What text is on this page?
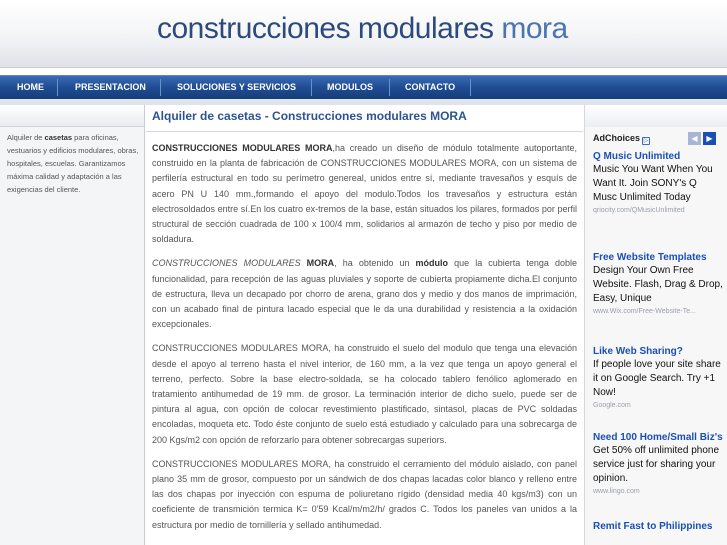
construcciones modulares mora
HOME	PRESENTACION	SOLUCIONES Y SERVICIOS	MODULOS	CONTACTO
Alquiler de casetas para oficinas, vestuarios y edificios modulares, obras, hospitales, escuelas. Garantizamos máxima calidad y adaptación a las exigencias del cliente.
Alquiler de casetas - Construcciones modulares MORA

CONSTRUCCIONES MODULARES MORA,ha creado un diseño de módulo totalmente autoportante, construido en la planta de fabricación de CONSTRUCCIONES MODULARES MORA, con un sistema de perfilería estructural en todo su perímetro genereal, unidos entre sí, mediante travesaños y esquís de acero PN U 140 mm.,formando el apoyo del modulo.Todos los travesaños y estructura están electrosoldados entre sí.En los cuatro ex-tremos de la base, están situados los pilares, formados por perfil structural de sección cuadrada de 100 x 100/4 mm, solidarios al armazón de techo y piso por medio de soldadura.

CONSTRUCCIONES MODULARES MORA, ha obtenido un módulo que la cubierta tenga doble funcionalidad, para recepción de las aguas pluviales y soporte de cubierta propiamente dicha.El conjunto de estructura, lleva un decapado por chorro de arena, grano dos y medio y dos manos de imprimación, con un acabado final de pintura lacado especial que le da una durabilidad y resistencia a la oxidación excepcionales.

CONSTRUCCIONES MODULARES MORA, ha construido el suelo del modulo que tenga una elevación desde el apoyo al terreno hasta el nivel interior, de 160 mm, a la vez que tenga un apoyo general el terreno, perfecto. Sobre la base electro-soldada, se ha colocado tablero fenólico aglomerado en tratamiento antihumedad de 19 mm. de grosor. La terminación interior de dicho suelo, puede ser de pintura al agua, con opción de colocar revestimiento plastificado, sintasol, placas de PVC soldadas encoladas, moqueta etc. Todo éste conjunto de suelo está estudiado y calculado para una sobrecarga de 200 Kgs/m2 con opción de reforzarlo para obtener sobrecargas superiors.

CONSTRUCCIONES MODULARES MORA, ha construido el cerramiento del módulo aislado, con panel plano 35 mm de grosor, compuesto por un sándwich de dos chapas lacadas color blanco y relleno entre las dos chapas por inyección con espuma de poliuretano rígido (densidad media 40 kgs/m3) con un coeficiente de transmición termica K= 0'59 Kcal/m/m2/h/ grados C. Todos los paneles van unidos a la estructura por medio de tornillería y sellado antihumedad.

AdChoices ▷	◀	▶
Q Music Unlimited
Music You Want When You Want It. Join SONY's Q Musc Unlimited Today
qriocity.com/QMusicUnlimited
Free Website Templates
Design Your Own Free Website. Flash, Drag & Drop, Easy, Unique
www.Wix.com/Free-Website-Te...
Like Web Sharing?
If people love your site share it on Google Search. Try +1 Now!
Google.com
Need 100 Home/Small Biz's
Get 50% off unlimited phone service just for sharing your opinion.
www.lingo.com
Remit Fast to Philippines
